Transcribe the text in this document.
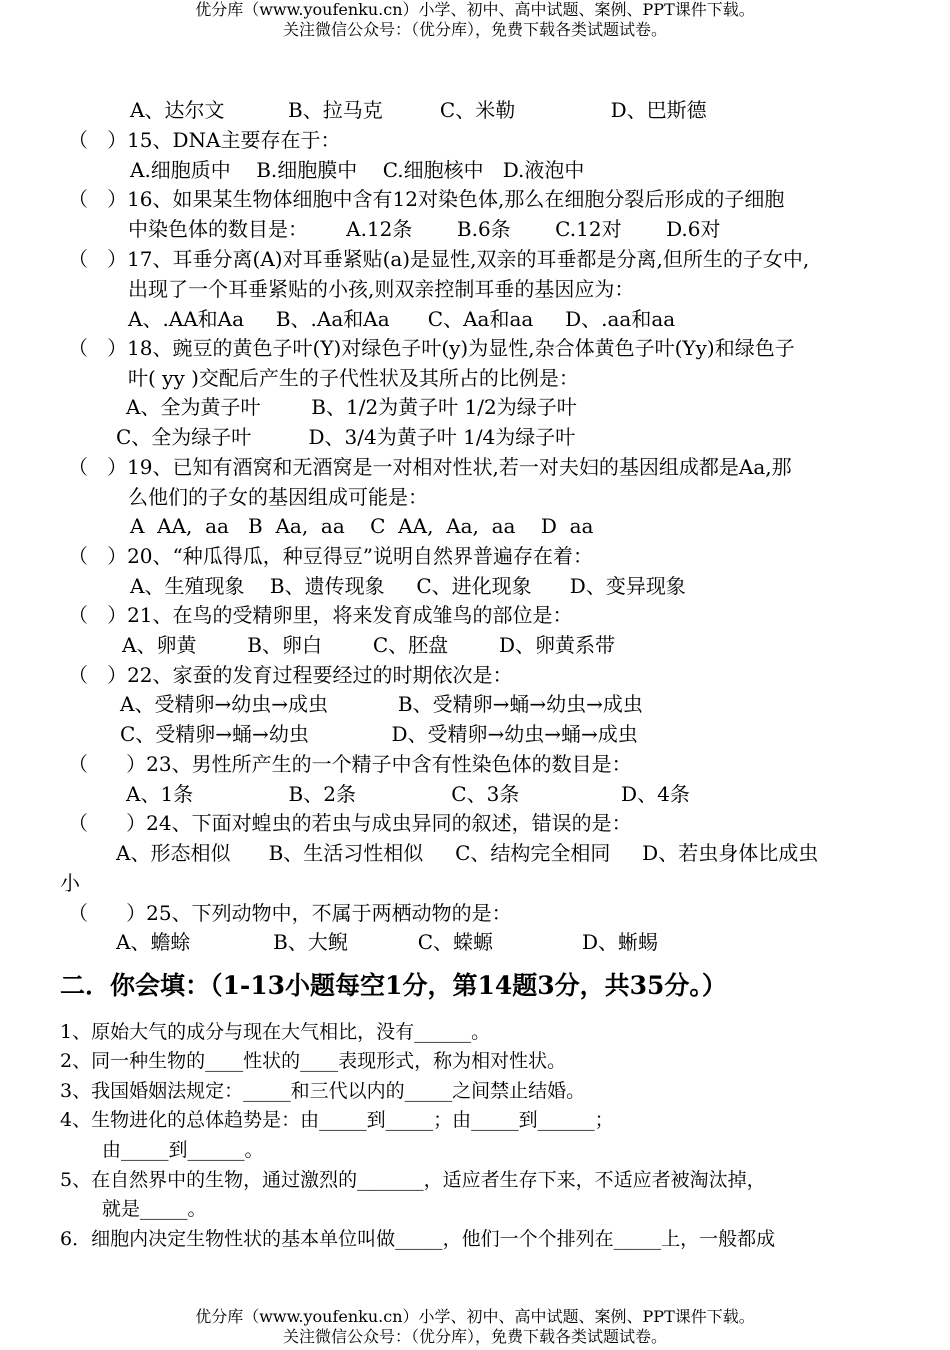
优分库（www.youfenku.cn）小学、初中、高中试题、案例、PPT课件下载。
关注微信公众号：（优分库），免费下载各类试题试卷。
A、达尔文          B、拉马克         C、米勒               D、巴斯德
（   ）15、DNA主要存在于：
A.细胞质中    B.细胞膜中    C.细胞核中   D.液泡中
（   ）16、如果某生物体细胞中含有12对染色体,那么在细胞分裂后形成的子细胞
中染色体的数目是：      A.12条       B.6条       C.12对       D.6对
（   ）17、耳垂分离(A)对耳垂紧贴(a)是显性,双亲的耳垂都是分离,但所生的子女中,
出现了一个耳垂紧贴的小孩,则双亲控制耳垂的基因应为：
A、.AA和Aa     B、.Aa和Aa      C、Aa和aa     D、.aa和aa
（   ）18、豌豆的黄色子叶(Y)对绿色子叶(y)为显性,杂合体黄色子叶(Yy)和绿色子
叶( yy )交配后产生的子代性状及其所占的比例是：
A、全为黄子叶        B、1/2为黄子叶 1/2为绿子叶
C、全为绿子叶         D、3/4为黄子叶 1/4为绿子叶
（   ）19、已知有酒窝和无酒窝是一对相对性状,若一对夫妇的基因组成都是Aa,那
么他们的子女的基因组成可能是：
A  AA,  aa   B  Aa,  aa    C  AA,  Aa,  aa    D  aa
（   ）20、“种瓜得瓜，种豆得豆”说明自然界普遍存在着：
A、生殖现象    B、遗传现象     C、进化现象      D、变异现象
（   ）21、在鸟的受精卵里，将来发育成雏鸟的部位是：
A、卵黄        B、卵白        C、胚盘        D、卵黄系带
（   ）22、家蚕的发育过程要经过的时期依次是：
A、受精卵→幼虫→成虫           B、受精卵→蛹→幼虫→成虫
C、受精卵→蛹→幼虫             D、受精卵→幼虫→蛹→成虫
（      ）23、男性所产生的一个精子中含有性染色体的数目是：
A、1条               B、2条               C、3条                D、4条
（      ）24、下面对蝗虫的若虫与成虫异同的叙述，错误的是：
A、形态相似      B、生活习性相似     C、结构完全相同     D、若虫身体比成虫
小
（      ）25、下列动物中，不属于两栖动物的是：
A、蟾蜍             B、大鲵           C、蝾螈              D、蜥蜴
二．你会填：（1-13小题每空1分，第14题3分，共35分。）
1、原始大气的成分与现在大气相比，没有______。
2、同一种生物的____性状的____表现形式，称为相对性状。
3、我国婚姻法规定：_____和三代以内的_____之间禁止结婚。
4、生物进化的总体趋势是：由_____到_____；由_____到______；
由_____到______。
5、在自然界中的生物，通过激烈的_______，适应者生存下来，不适应者被淘汰掉，
就是_____。
6．细胞内决定生物性状的基本单位叫做_____，他们一个个排列在_____上，一般都成
优分库（www.youfenku.cn）小学、初中、高中试题、案例、PPT课件下载。
关注微信公众号：（优分库），免费下载各类试题试卷。
